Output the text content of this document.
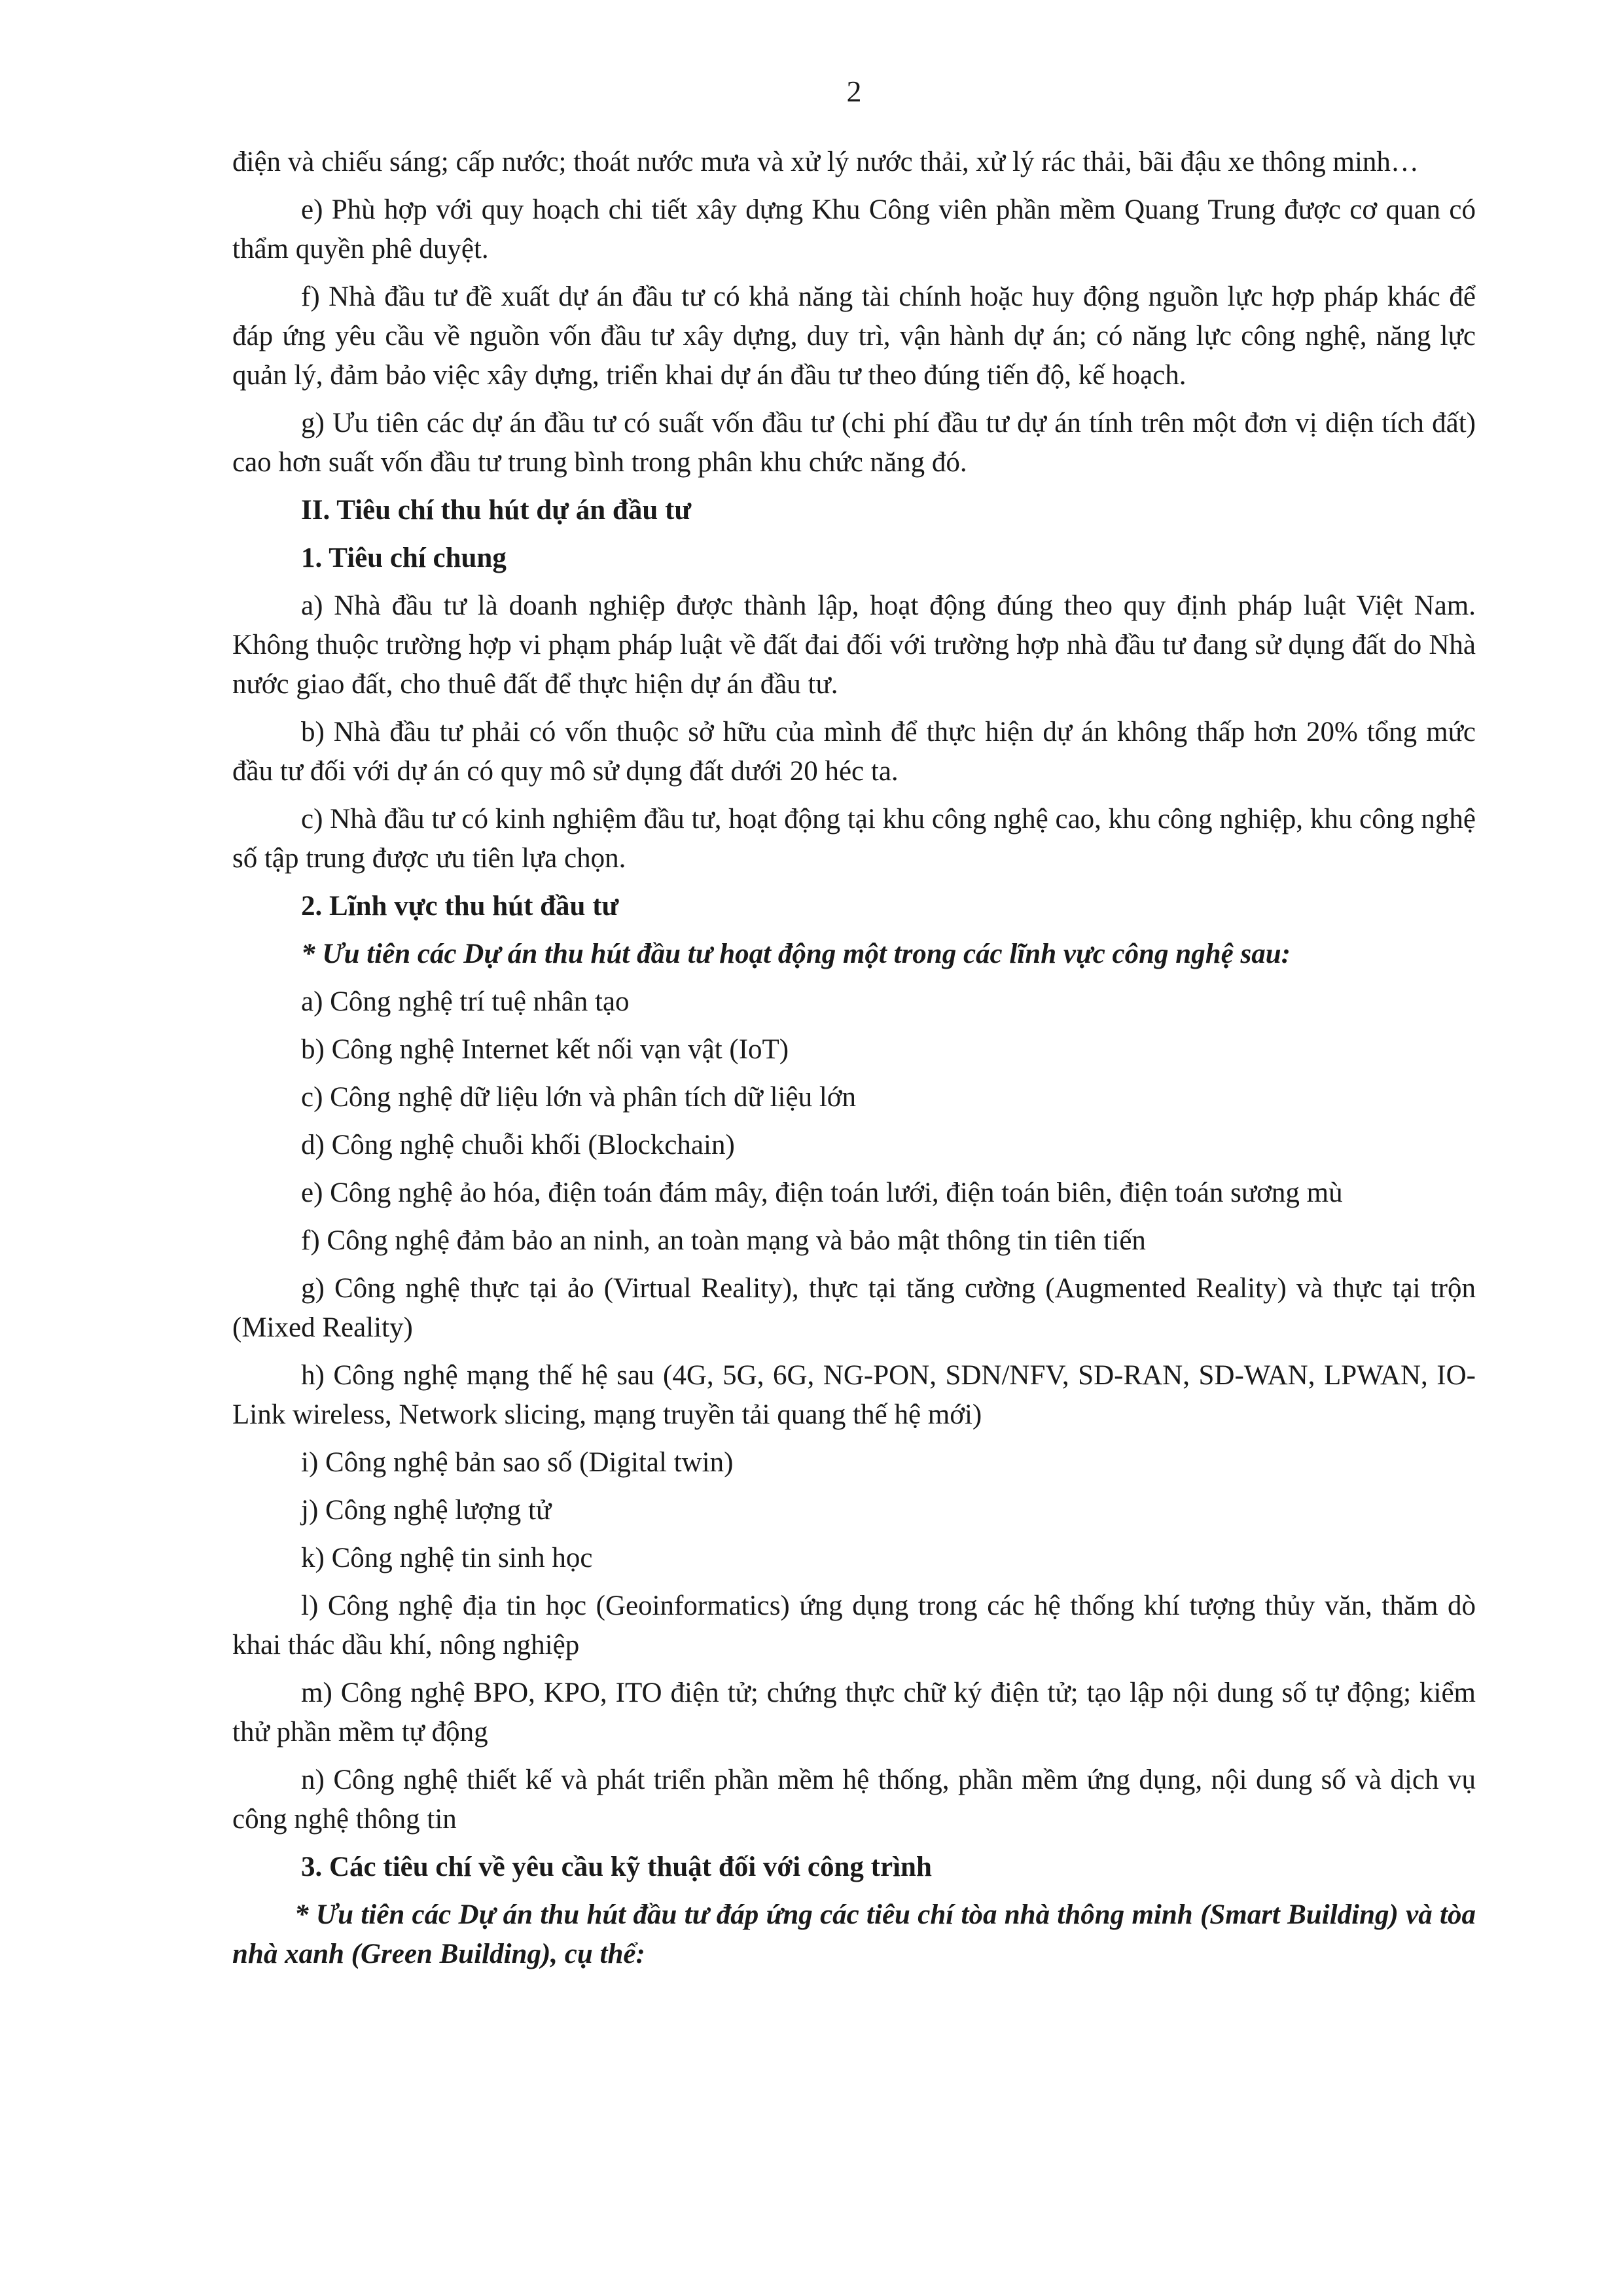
2

điện và chiếu sáng; cấp nước; thoát nước mưa và xử lý nước thải, xử lý rác thải, bãi đậu xe thông minh…

e) Phù hợp với quy hoạch chi tiết xây dựng Khu Công viên phần mềm Quang Trung được cơ quan có thẩm quyền phê duyệt.

f) Nhà đầu tư đề xuất dự án đầu tư có khả năng tài chính hoặc huy động nguồn lực hợp pháp khác để đáp ứng yêu cầu về nguồn vốn đầu tư xây dựng, duy trì, vận hành dự án; có năng lực công nghệ, năng lực quản lý, đảm bảo việc xây dựng, triển khai dự án đầu tư theo đúng tiến độ, kế hoạch.

g) Ưu tiên các dự án đầu tư có suất vốn đầu tư (chi phí đầu tư dự án tính trên một đơn vị diện tích đất) cao hơn suất vốn đầu tư trung bình trong phân khu chức năng đó.

II. Tiêu chí thu hút dự án đầu tư

1. Tiêu chí chung

a) Nhà đầu tư là doanh nghiệp được thành lập, hoạt động đúng theo quy định pháp luật Việt Nam. Không thuộc trường hợp vi phạm pháp luật về đất đai đối với trường hợp nhà đầu tư đang sử dụng đất do Nhà nước giao đất, cho thuê đất để thực hiện dự án đầu tư.

b) Nhà đầu tư phải có vốn thuộc sở hữu của mình để thực hiện dự án không thấp hơn 20% tổng mức đầu tư đối với dự án có quy mô sử dụng đất dưới 20 héc ta.

c) Nhà đầu tư có kinh nghiệm đầu tư, hoạt động tại khu công nghệ cao, khu công nghiệp, khu công nghệ số tập trung được ưu tiên lựa chọn.

2. Lĩnh vực thu hút đầu tư

* Ưu tiên các Dự án thu hút đầu tư hoạt động một trong các lĩnh vực công nghệ sau:

a) Công nghệ trí tuệ nhân tạo

b) Công nghệ Internet kết nối vạn vật (IoT)

c) Công nghệ dữ liệu lớn và phân tích dữ liệu lớn

d) Công nghệ chuỗi khối (Blockchain)

e) Công nghệ ảo hóa, điện toán đám mây, điện toán lưới, điện toán biên, điện toán sương mù

f) Công nghệ đảm bảo an ninh, an toàn mạng và bảo mật thông tin tiên tiến

g) Công nghệ thực tại ảo (Virtual Reality), thực tại tăng cường (Augmented Reality) và thực tại trộn (Mixed Reality)

h) Công nghệ mạng thế hệ sau (4G, 5G, 6G, NG-PON, SDN/NFV, SD-RAN, SD-WAN, LPWAN, IO-Link wireless, Network slicing, mạng truyền tải quang thế hệ mới)

i) Công nghệ bản sao số (Digital twin)

j) Công nghệ lượng tử

k) Công nghệ tin sinh học

l) Công nghệ địa tin học (Geoinformatics) ứng dụng trong các hệ thống khí tượng thủy văn, thăm dò khai thác dầu khí, nông nghiệp

m) Công nghệ BPO, KPO, ITO điện tử; chứng thực chữ ký điện tử; tạo lập nội dung số tự động; kiểm thử phần mềm tự động

n) Công nghệ thiết kế và phát triển phần mềm hệ thống, phần mềm ứng dụng, nội dung số và dịch vụ công nghệ thông tin

3. Các tiêu chí về yêu cầu kỹ thuật đối với công trình

* Ưu tiên các Dự án thu hút đầu tư đáp ứng các tiêu chí tòa nhà thông minh (Smart Building) và tòa nhà xanh (Green Building), cụ thể:
